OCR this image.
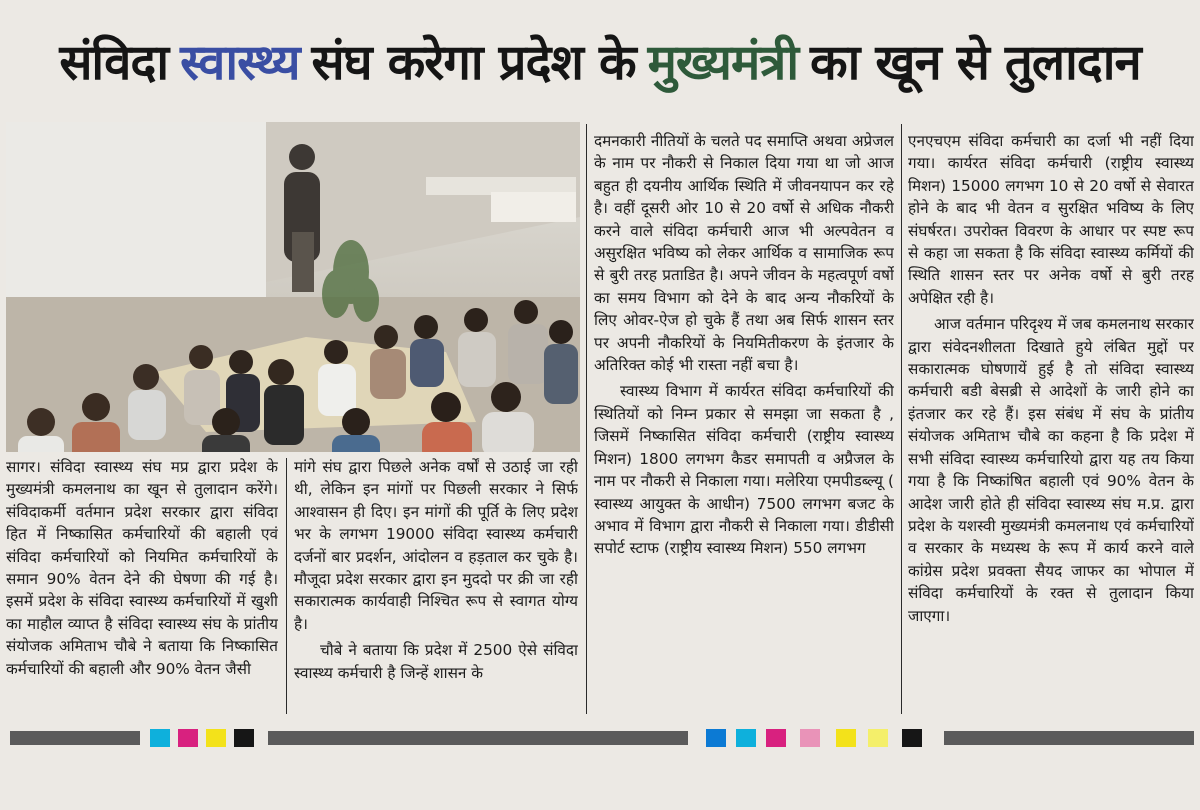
संविदा स्वास्थ्य संघ करेगा प्रदेश के मुख्यमंत्री का खून से तुलादान

सागर। संविदा स्वास्थ्य संघ मप्र द्वारा प्रदेश के मुख्यमंत्री कमलनाथ का खून से तुलादान करेंगे। संविदाकर्मी वर्तमान प्रदेश सरकार द्वारा संविदा हित में निष्कासित कर्मचारियों की बहाली एवं संविदा कर्मचारियों को नियमित कर्मचारियों के समान 90% वेतन देने की घेषणा की गई है। इसमें प्रदेश के संविदा स्वास्थ्य कर्मचारियों में खुशी का माहौल व्याप्त है संविदा स्वास्थ्य संघ के प्रांतीय संयोजक अमिताभ चौबे ने बताया कि निष्कासित कर्मचारियों की बहाली और 90% वेतन जैसी

मांगे संघ द्वारा पिछले अनेक वर्षों से उठाई जा रही थी, लेकिन इन मांगों पर पिछली सरकार ने सिर्फ आश्वासन ही दिए। इन मांगों की पूर्ति के लिए प्रदेश भर के लगभग 19000 संविदा स्वास्थ्य कर्मचारी दर्जनों बार प्रदर्शन, आंदोलन व हड़ताल कर चुके है। मौजूदा प्रदेश सरकार द्वारा इन मुददो पर क्री जा रही सकारात्मक कार्यवाही निश्चित रूप से स्वागत योग्य है।

चौबे ने बताया कि प्रदेश में 2500 ऐसे संविदा स्वास्थ्य कर्मचारी है जिन्हें शासन के

दमनकारी नीतियों के चलते पद समाप्ति अथवा अप्रेजल के नाम पर नौकरी से निकाल दिया गया था जो आज बहुत ही दयनीय आर्थिक स्थिति में जीवनयापन कर रहे है। वहीं दूसरी ओर 10 से 20 वर्षो से अधिक नौकरी करने वाले संविदा कर्मचारी आज भी अल्पवेतन व असुरक्षित भविष्य को लेकर आर्थिक व सामाजिक रूप से बुरी तरह प्रताडित है। अपने जीवन के महत्वपूर्ण वर्षो का समय विभाग को देने के बाद अन्य नौकरियों के लिए ओवर-ऐज हो चुके हैं तथा अब सिर्फ शासन स्तर पर अपनी नौकरियों के नियमितीकरण के इंतजार के अतिरिक्त कोई भी रास्ता नहीं बचा है।

स्वास्थ्य विभाग में कार्यरत संविदा कर्मचारियों की स्थितियों को निम्न प्रकार से समझा जा सकता है , जिसमें निष्कासित संविदा कर्मचारी (राष्ट्रीय स्वास्थ्य मिशन) 1800 लगभग कैडर समापती व अप्रैजल के नाम पर नौकरी से निकाला गया। मलेरिया एमपीडब्ल्यू ( स्वास्थ्य आयुक्त के आधीन) 7500 लगभग बजट के अभाव में विभाग द्वारा नौकरी से निकाला गया। डीडीसी सपोर्ट स्टाफ (राष्ट्रीय स्वास्थ्य मिशन) 550 लगभग

एनएचएम संविदा कर्मचारी का दर्जा भी नहीं दिया गया। कार्यरत संविदा कर्मचारी (राष्ट्रीय स्वास्थ्य मिशन) 15000 लगभग 10 से 20 वर्षो से सेवारत होने के बाद भी वेतन व सुरक्षित भविष्य के लिए संघर्षरत। उपरोक्त विवरण के आधार पर स्पष्ट रूप से कहा जा सकता है कि संविदा स्वास्थ्य कर्मियों की स्थिति शासन स्तर पर अनेक वर्षो से बुरी तरह अपेक्षित रही है।

आज वर्तमान परिदृश्य में जब कमलनाथ सरकार द्वारा संवेदनशीलता दिखाते हुये लंबित मुद्दों पर सकारात्मक घोषणायें हुई है तो संविदा स्वास्थ्य कर्मचारी बडी बेसब्री से आदेशों के जारी होने का इंतजार कर रहे हैं। इस संबंध में संघ के प्रांतीय संयोजक अमिताभ चौबे का कहना है कि प्रदेश में सभी संविदा स्वास्थ्य कर्मचारियो द्वारा यह तय किया गया है कि निष्कांषित बहाली एवं 90% वेतन के आदेश जारी होते ही संविदा स्वास्थ्य संघ म.प्र. द्वारा प्रदेश के यशस्वी मुख्यमंत्री कमलनाथ एवं कर्मचारियों व सरकार के मध्यस्थ के रूप में कार्य करने वाले कांग्रेस प्रदेश प्रवक्ता सैयद जाफर का भोपाल में संविदा कर्मचारियों के रक्त से तुलादान किया जाएगा।
